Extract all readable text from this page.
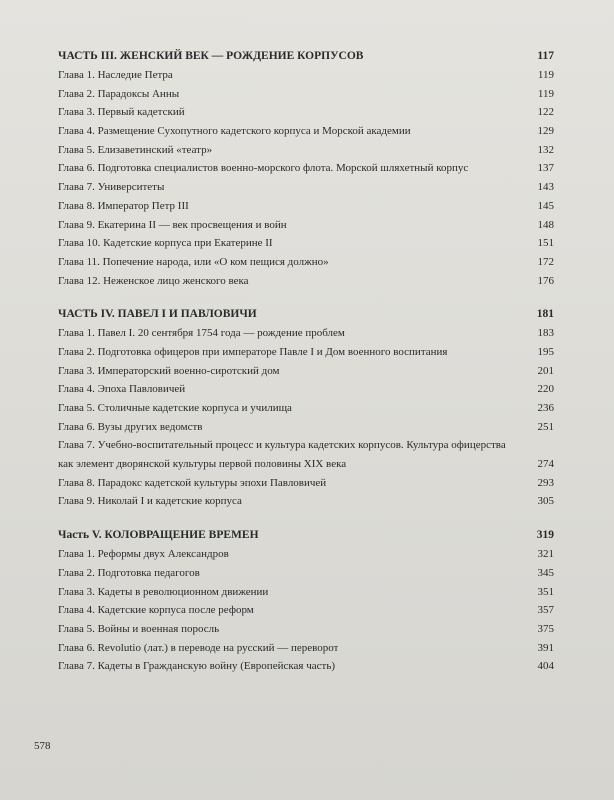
ЧАСТЬ III. ЖЕНСКИЙ ВЕК — РОЖДЕНИЕ КОРПУСОВ	117
Глава 1. Наследие Петра	119
Глава 2. Парадоксы Анны	119
Глава 3. Первый кадетский	122
Глава 4. Размещение Сухопутного кадетского корпуса и Морской академии	129
Глава 5. Елизаветинский «театр»	132
Глава 6. Подготовка специалистов военно-морского флота. Морской шляхетный корпус	137
Глава 7. Университеты	143
Глава 8. Император Петр III	145
Глава 9. Екатерина II — век просвещения и войн	148
Глава 10. Кадетские корпуса при Екатерине II	151
Глава 11. Попечение народа, или «О ком пещися должно»	172
Глава 12. Неженское лицо женского века	176
ЧАСТЬ IV. ПАВЕЛ I И ПАВЛОВИЧИ	181
Глава 1. Павел I. 20 сентября 1754 года — рождение проблем	183
Глава 2. Подготовка офицеров при императоре Павле I и Дом военного воспитания	195
Глава 3. Императорский военно-сиротский дом	201
Глава 4. Эпоха Павловичей	220
Глава 5. Столичные кадетские корпуса и училища	236
Глава 6. Вузы других ведомств	251
Глава 7. Учебно-воспитательный процесс и культура кадетских корпусов. Культура офицерства
как элемент дворянской культуры первой половины XIX века	274
Глава 8. Парадокс кадетской культуры эпохи Павловичей	293
Глава 9. Николай I и кадетские корпуса	305
Часть V. КОЛОВРАЩЕНИЕ ВРЕМЕН	319
Глава 1. Реформы двух Александров	321
Глава 2. Подготовка педагогов	345
Глава 3. Кадеты в революционном движении	351
Глава 4. Кадетские корпуса после реформ	357
Глава 5. Войны и военная поросль	375
Глава 6. Revolutio (лат.) в переводе на русский — переворот	391
Глава 7. Кадеты в Гражданскую войну (Европейская часть)	404
578
